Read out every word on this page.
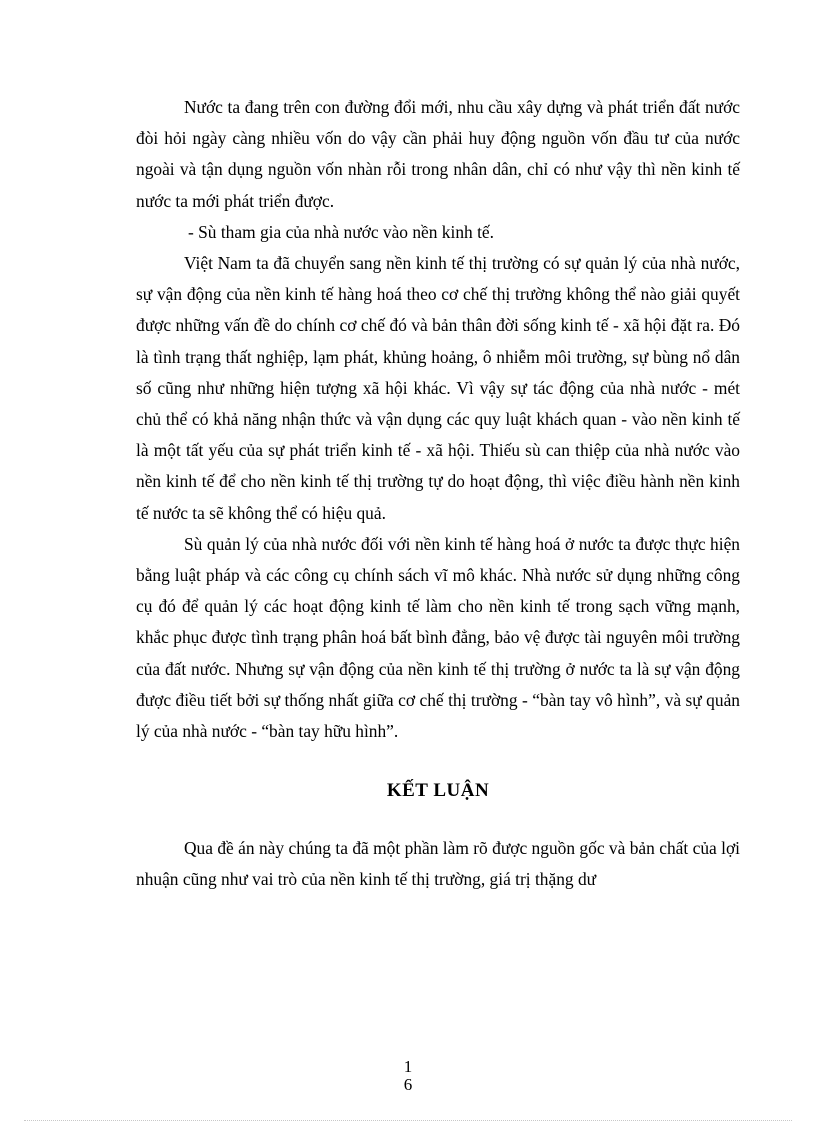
Nước ta đang trên con đường đổi mới, nhu cầu xây dựng và phát triển đất nước đòi hỏi ngày càng nhiều vốn do vậy cần phải huy động nguồn vốn đầu tư của nước ngoài và tận dụng nguồn vốn nhàn rỗi trong nhân dân, chỉ có như vậy thì nền kinh tế nước ta mới phát triển được.

- Sù tham gia của nhà nước vào nền kinh tế.

Việt Nam ta đã chuyển sang nền kinh tế thị trường có sự quản lý của nhà nước, sự vận động của nền kinh tế hàng hoá theo cơ chế thị trường không thể nào giải quyết được những vấn đề do chính cơ chế đó và bản thân đời sống kinh tế - xã hội đặt ra. Đó là tình trạng thất nghiệp, lạm phát, khủng hoảng, ô nhiễm môi trường, sự bùng nổ dân số cũng như những hiện tượng xã hội khác. Vì vậy sự tác động của nhà nước - mét chủ thể có khả năng nhận thức và vận dụng các quy luật khách quan - vào nền kinh tế là một tất yếu của sự phát triển kinh tế - xã hội. Thiếu sù can thiệp của nhà nước vào nền kinh tế để cho nền kinh tế thị trường tự do hoạt động, thì việc điều hành nền kinh tế nước ta sẽ không thể có hiệu quả.

Sù quản lý của nhà nước đối với nền kinh tế hàng hoá ở nước ta được thực hiện bằng luật pháp và các công cụ chính sách vĩ mô khác. Nhà nước sử dụng những công cụ đó để quản lý các hoạt động kinh tế làm cho nền kinh tế trong sạch vững mạnh, khắc phục được tình trạng phân hoá bất bình đẳng, bảo vệ được tài nguyên môi trường của đất nước. Nhưng sự vận động của nền kinh tế thị trường ở nước ta là sự vận động được điều tiết bởi sự thống nhất giữa cơ chế thị trường - “bàn tay vô hình”, và sự quản lý của nhà nước - “bàn tay hữu hình”.

KẾT LUẬN

Qua đề án này chúng ta đã một phần làm rõ được nguồn gốc và bản chất của lợi nhuận cũng như vai trò của nền kinh tế thị trường, giá trị thặng dư

1
6
